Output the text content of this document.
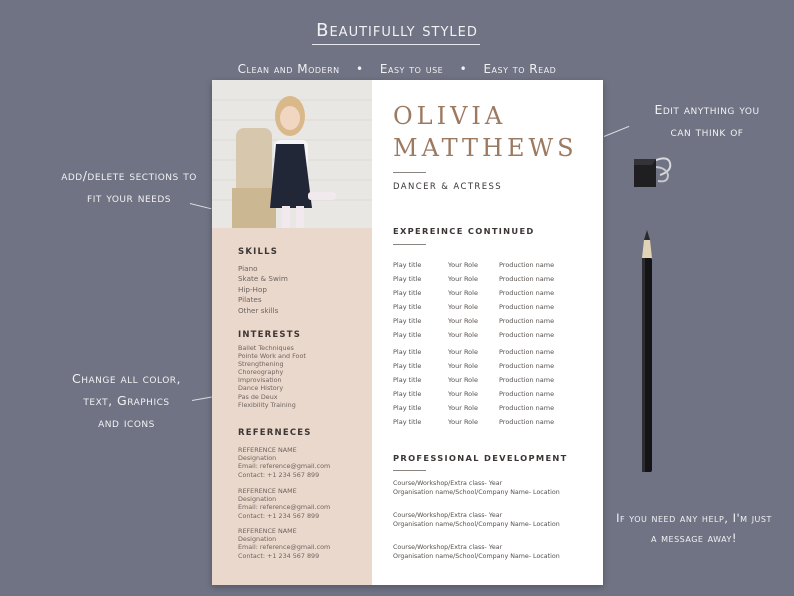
Beautifully styled
Clean and Modern • Easy to use • Easy to Read
Edit anything you
can think of
add/delete sections to
fit your needs
Change all color,
text, Graphics
and icons
If you need any help, I'm just
a message away!
SKILLS
Piano
Skate & Swim
Hip-Hop
Pilates
Other skills
INTERESTS
Ballet Techniques
Pointe Work and Foot
Strengthening
Choreography
Improvisation
Dance History
Pas de Deux
Flexibility Training
REFERNECES
REFERENCE NAME
Designation
Email: reference@gmail.com
Contact: +1 234 567 899
REFERENCE NAME
Designation
Email: reference@gmail.com
Contact: +1 234 567 899
REFERENCE NAME
Designation
Email: reference@gmail.com
Contact: +1 234 567 899
OLIVIA
MATTHEWS
DANCER & ACTRESS
EXPEREINCE CONTINUED
Play title	Your Role	Production name
Play title	Your Role	Production name
Play title	Your Role	Production name
Play title	Your Role	Production name
Play title	Your Role	Production name
Play title	Your Role	Production name
Play title	Your Role	Production name
Play title	Your Role	Production name
Play title	Your Role	Production name
Play title	Your Role	Production name
Play title	Your Role	Production name
Play title	Your Role	Production name
PROFESSIONAL DEVELOPMENT
Course/Workshop/Extra class- Year
Organisation name/School/Company Name- Location
Course/Workshop/Extra class- Year
Organisation name/School/Company Name- Location
Course/Workshop/Extra class- Year
Organisation name/School/Company Name- Location
